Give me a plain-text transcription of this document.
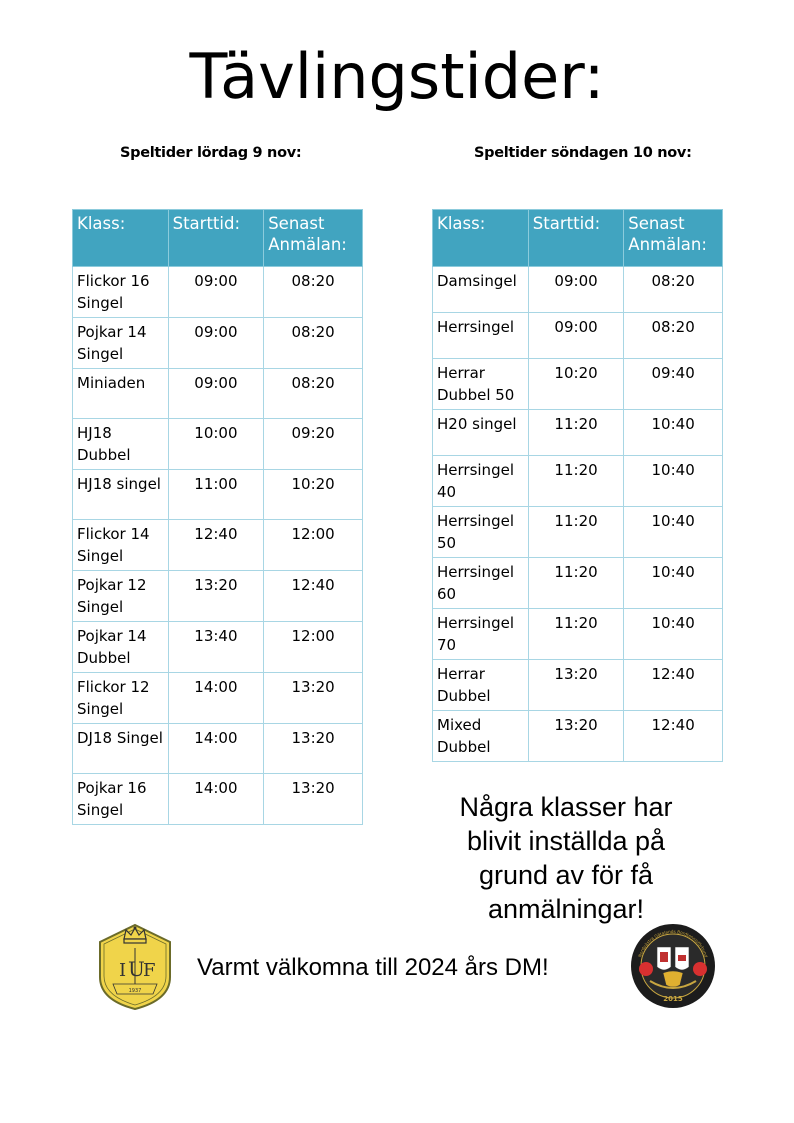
Tävlingstider:
Speltider lördag 9 nov:	Speltider söndagen 10 nov:
Klass:	Starttid:	Senast Anmälan:
Flickor 16 Singel	09:00	08:20
Pojkar 14 Singel	09:00	08:20
Miniaden	09:00	08:20
HJ18 Dubbel	10:00	09:20
HJ18 singel	11:00	10:20
Flickor 14 Singel	12:40	12:00
Pojkar 12 Singel	13:20	12:40
Pojkar 14 Dubbel	13:40	12:00
Flickor 12 Singel	14:00	13:20
DJ18 Singel	14:00	13:20
Pojkar 16 Singel	14:00	13:20
Klass:	Starttid:	Senast Anmälan:
Damsingel	09:00	08:20
Herrsingel	09:00	08:20
Herrar Dubbel 50	10:20	09:40
H20 singel	11:20	10:40
Herrsingel 40	11:20	10:40
Herrsingel 50	11:20	10:40
Herrsingel 60	11:20	10:40
Herrsingel 70	11:20	10:40
Herrar Dubbel	13:20	12:40
Mixed Dubbel	13:20	12:40
Några klasser har blivit inställda på grund av för få anmälningar!
I U
F
1937
Varmt välkomna till 2024 års DM!
2015
Nordvästra Götalands Bordtennisförbund
